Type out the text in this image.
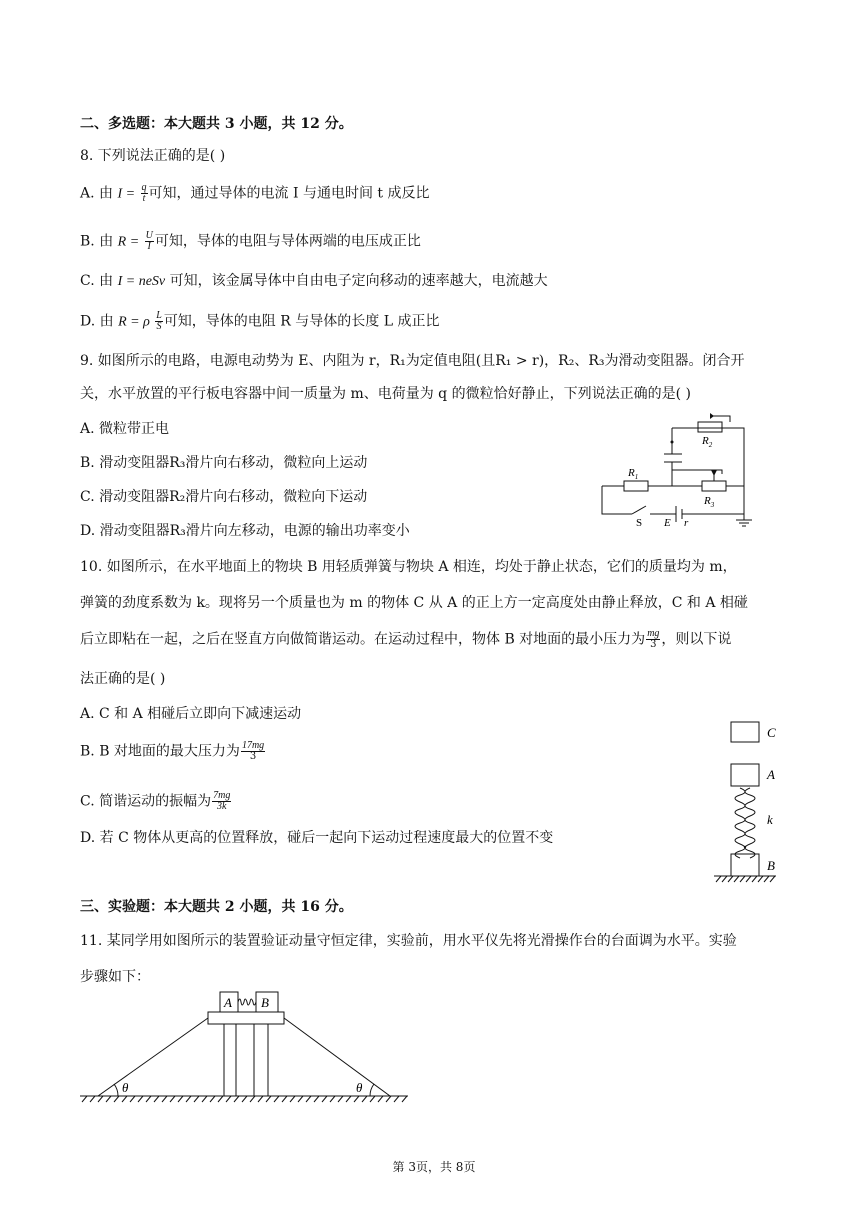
二、多选题：本大题共 3 小题，共 12 分。
8. 下列说法正确的是( )
A. 由 $I = \frac{q}{t}$ 可知，通过导体的电流 I 与通电时间 t 成反比
B. 由 $R = \frac{U}{I}$ 可知，导体的电阻与导体两端的电压成正比
C. 由 I = neSv 可知，该金属导体中自由电子定向移动的速率越大，电流越大
D. 由 R = ρ $\frac{L}{S}$ 可知，导体的电阻 R 与导体的长度 L 成正比
9. 如图所示的电路，电源电动势为 E、内阻为 r，R₁为定值电阻(且R₁ > r)，R₂、R₃为滑动变阻器。闭合开
关，水平放置的平行板电容器中间一质量为 m、电荷量为 q 的微粒恰好静止，下列说法正确的是( )
A. 微粒带正电
B. 滑动变阻器R₃滑片向右移动，微粒向上运动
C. 滑动变阻器R₂滑片向右移动，微粒向下运动
D. 滑动变阻器R₃滑片向左移动，电源的输出功率变小
$R_1$
$R_2$
$R_3$
S E r
10. 如图所示，在水平地面上的物块 B 用轻质弹簧与物块 A 相连，均处于静止状态，它们的质量均为 m，
弹簧的劲度系数为 k。现将另一个质量也为 m 的物体 C 从 A 的正上方一定高度处由静止释放，C 和 A 相碰
后立即粘在一起，之后在竖直方向做简谐运动。在运动过程中，物体 B 对地面的最小压力为 $\frac{mg}{3}$ ，则以下说
法正确的是( )
A. C 和 A 相碰后立即向下减速运动
B. B 对地面的最大压力为 $\frac{17mg}{3}$
C. 简谐运动的振幅为 $\frac{7mg}{3k}$
D. 若 C 物体从更高的位置释放，碰后一起向下运动过程速度最大的位置不变
C
A
k
B
三、实验题：本大题共 2 小题，共 16 分。
11. 某同学用如图所示的装置验证动量守恒定律，实验前，用水平仪先将光滑操作台的台面调为水平。实验
步骤如下：
A B
θ	θ
第 3页，共 8页
